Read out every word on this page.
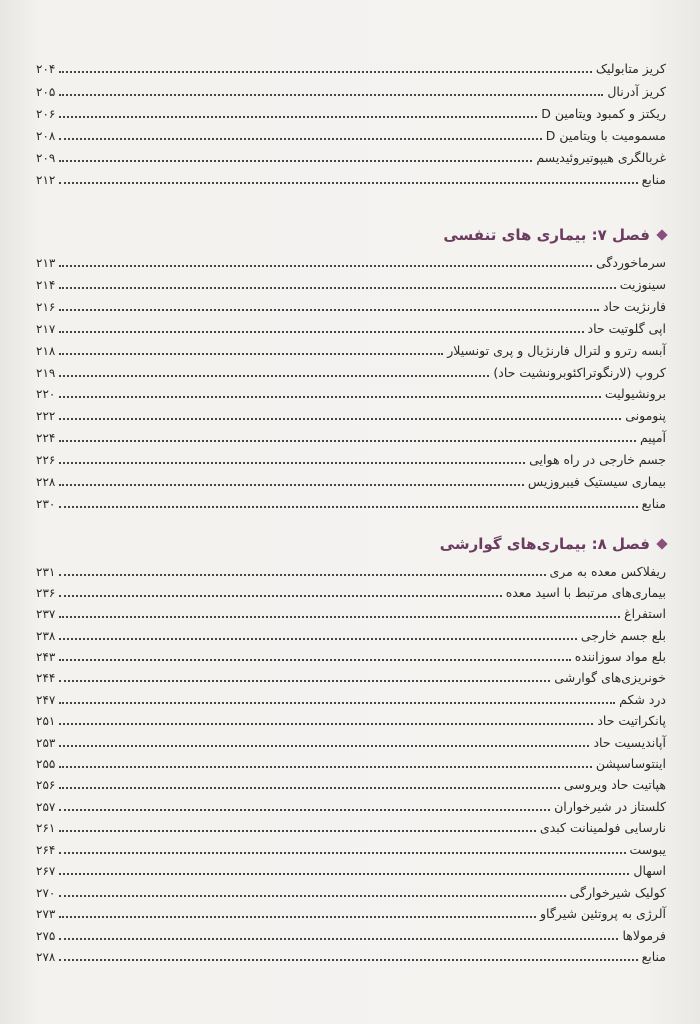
کریز متابولیک
۲۰۴
کریز آدرنال
۲۰۵
ریکتز و کمبود ویتامین D
۲۰۶
مسمومیت با ویتامین D
۲۰۸
غربالگری هیپوتیروئیدیسم
۲۰۹
منابع
۲۱۲
فصل ۷: بیماری های تنفسی
سرماخوردگی
۲۱۳
سینوزیت
۲۱۴
فارنژیت حاد
۲۱۶
اپی گلوتیت حاد
۲۱۷
آبسه رترو و لترال فارنژیال و پری تونسیلار
۲۱۸
کروپ (لارنگوتراکئوبرونشیت حاد)
۲۱۹
برونشیولیت
۲۲۰
پنومونی
۲۲۲
آمپیم
۲۲۴
جسم خارجی در راه هوایی
۲۲۶
بیماری سیستیک فیبروزیس
۲۲۸
منابع
۲۳۰
فصل ۸: بیماری‌های گوارشی
ریفلاکس معده به مری
۲۳۱
بیماری‌های مرتبط با اسید معده
۲۳۶
استفراغ
۲۳۷
بلع جسم خارجی
۲۳۸
بلع مواد سوزاننده
۲۴۳
خونریزی‌های گوارشی
۲۴۴
درد شکم
۲۴۷
پانکراتیت حاد
۲۵۱
آپاندیسیت حاد
۲۵۳
اینتوساسپشن
۲۵۵
هپاتیت حاد ویروسی
۲۵۶
کلستاز در شیرخواران
۲۵۷
نارسایی فولمینانت کبدی
۲۶۱
یبوست
۲۶۴
اسهال
۲۶۷
کولیک شیرخوارگی
۲۷۰
آلرژی به پروتئین شیرگاو
۲۷۳
فرمولاها
۲۷۵
منابع
۲۷۸
